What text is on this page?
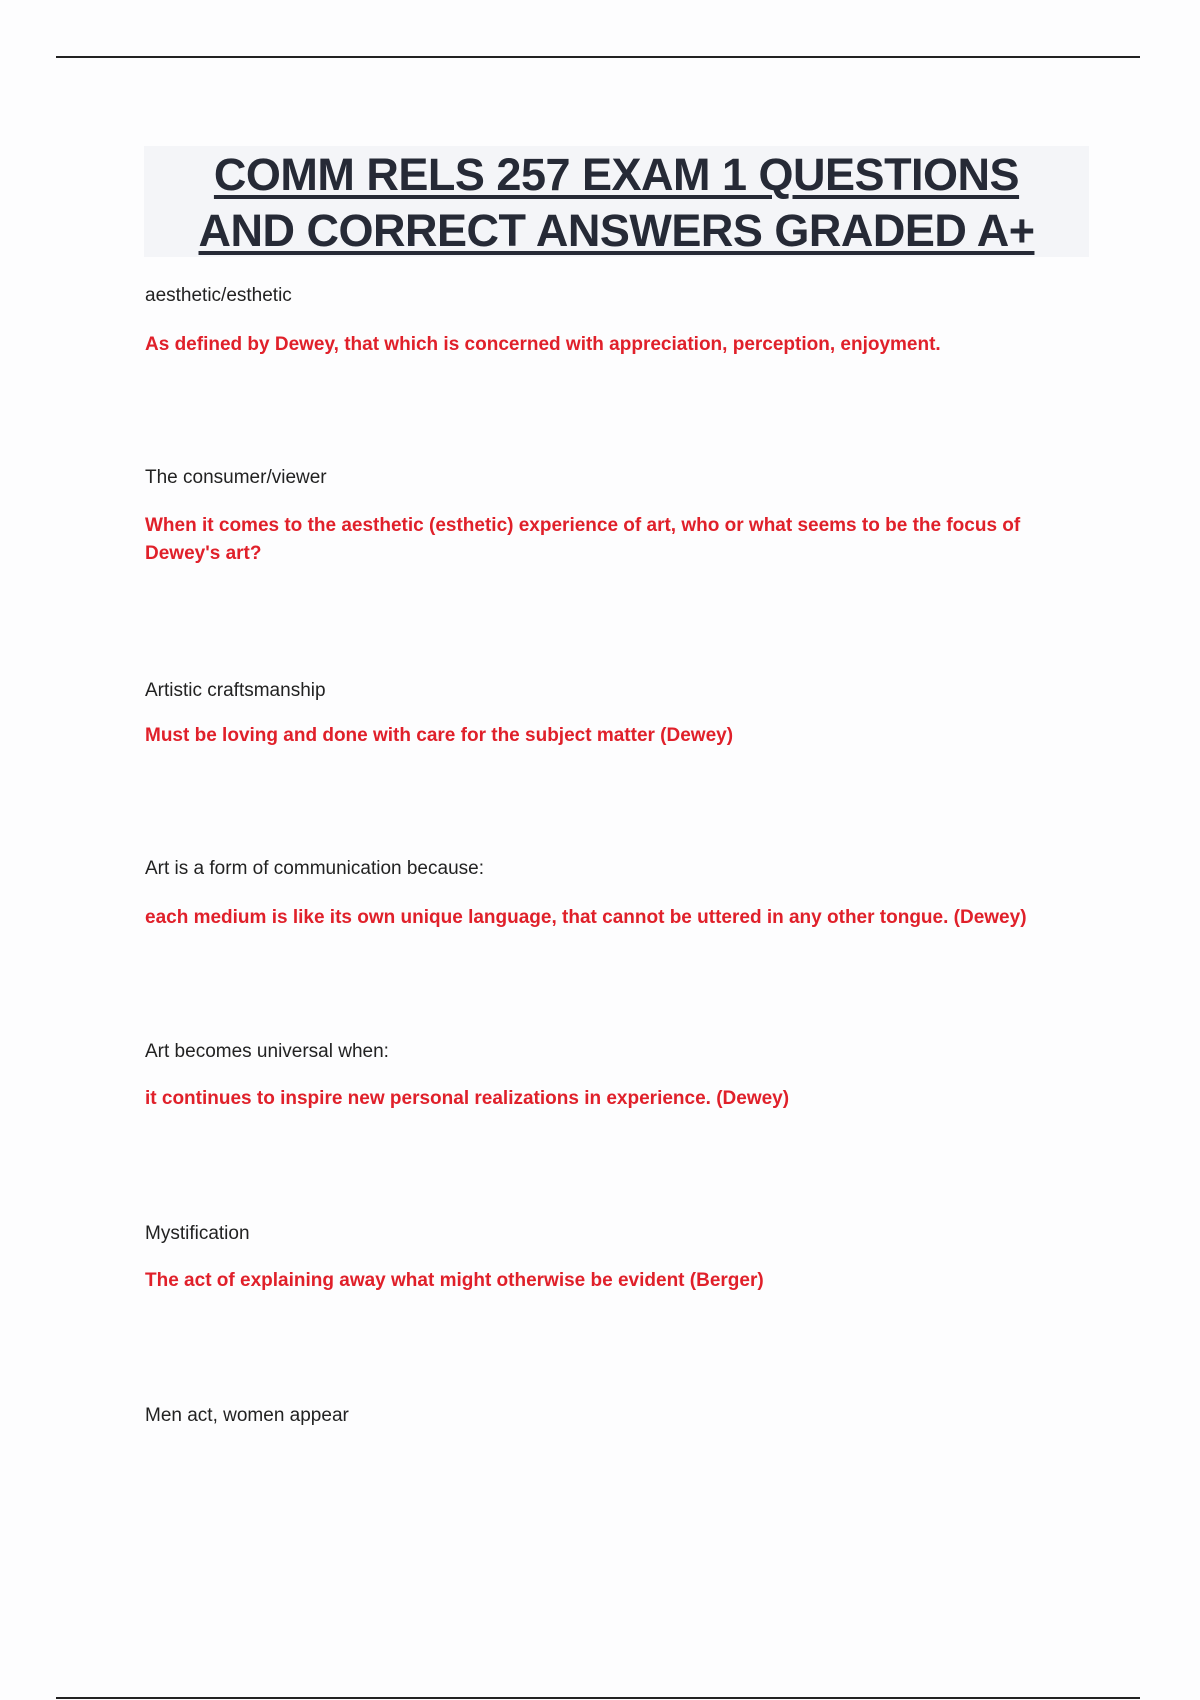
COMM RELS 257 EXAM 1 QUESTIONS
AND CORRECT ANSWERS GRADED A+
aesthetic/esthetic
As defined by Dewey, that which is concerned with appreciation, perception, enjoyment.
The consumer/viewer
When it comes to the aesthetic (esthetic) experience of art, who or what seems to be the focus of Dewey's art?
Artistic craftsmanship
Must be loving and done with care for the subject matter (Dewey)
Art is a form of communication because:
each medium is like its own unique language, that cannot be uttered in any other tongue. (Dewey)
Art becomes universal when:
it continues to inspire new personal realizations in experience. (Dewey)
Mystification
The act of explaining away what might otherwise be evident (Berger)
Men act, women appear
